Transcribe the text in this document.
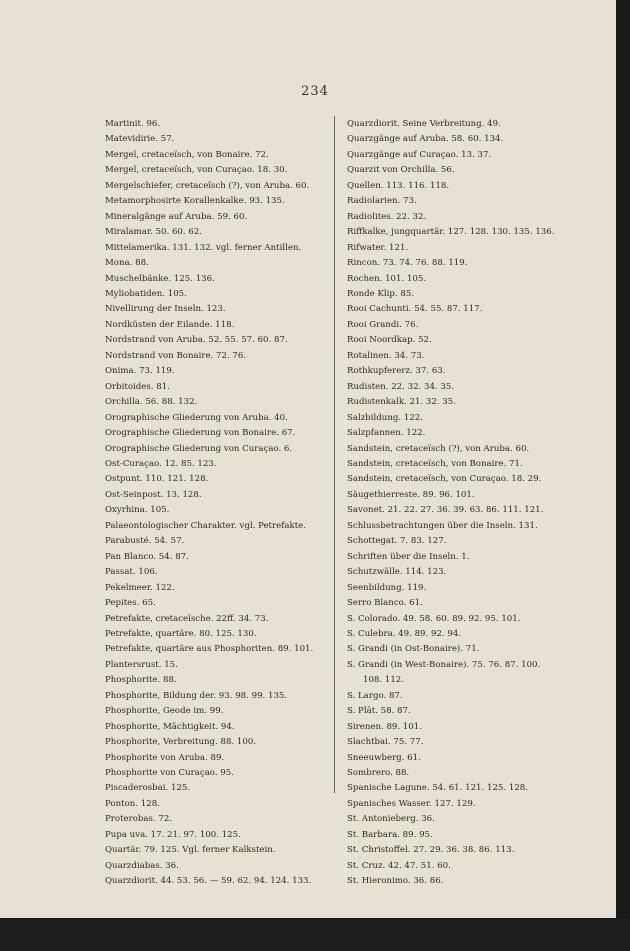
234
Martinit. 96.
Matevidirie. 57.
Mergel, cretaceïsch, von Bonaire. 72.
Mergel, cretaceïsch, von Curaçao. 18. 30.
Mergelschiefer, cretaceïsch (?), von Aruba. 60.
Metamorphosirte Korallenkalke. 93. 135.
Mineralgänge auf Aruba. 59. 60.
Miralamar. 50. 60. 62.
Mittelamerika. 131. 132. vgl. ferner Antillen.
Mona. 88.
Muschelbänke. 125. 136.
Myliobatiden. 105.
Nivellirung der Inseln. 123.
Nordküsten der Eilande. 118.
Nordstrand von Aruba. 52. 55. 57. 60. 87.
Nordstrand von Bonaire. 72. 76.
Onima. 73. 119.
Orbitoides. 81.
Orchilla. 56. 88. 132.
Orographische Gliederung von Aruba. 40.
Orographische Gliederung von Bonaire. 67.
Orographische Gliederung von Curaçao. 6.
Ost-Curaçao. 12. 85. 123.
Ostpunt. 110. 121. 128.
Ost-Seinpost. 13. 128.
Oxyrhina. 105.
Palaeontologischer Charakter. vgl. Petrefakte.
Parabusté. 54. 57.
Pan Blanco. 54. 87.
Passat. 106.
Pekelmeer. 122.
Pepites. 65.
Petrefakte, cretaceïsche. 22ff. 34. 73.
Petrefakte, quartäre. 80. 125. 130.
Petrefakte, quartäre aus Phosphoriten. 89. 101.
Plantersrust. 15.
Phosphorite. 88.
Phosphorite, Bildung der. 93. 98. 99. 135.
Phosphorite, Geode im. 99.
Phosphorite, Mächtigkeit. 94.
Phosphorite, Verbreitung. 88. 100.
Phosphorite von Aruba. 89.
Phosphorite von Curaçao. 95.
Piscaderosbai. 125.
Ponton. 128.
Proterobas. 72.
Pupa uva. 17. 21. 97. 100. 125.
Quartär. 79. 125. Vgl. ferner Kalkstein.
Quarzdiabas. 36.
Quarzdiorit. 44. 53. 56. — 59. 62. 94. 124. 133.
Quarzdiorit. Seine Verbreitung. 49.
Quarzgänge auf Aruba. 58. 60. 134.
Quarzgänge auf Curaçao. 13. 37.
Quarzit von Orchilla. 56.
Quellen. 113. 116. 118.
Radiolarien. 73.
Radiolites. 22. 32.
Riffkalke, jungquartär. 127. 128. 130. 135. 136.
Rifwater. 121.
Rincon. 73. 74. 76. 88. 119.
Rochen. 101. 105.
Ronde Klip. 85.
Rooi Cachunti. 54. 55. 87. 117.
Rooi Grandi. 76.
Rooi Noordkap. 52.
Rotalinen. 34. 73.
Rothkupfererz. 37. 63.
Rudisten. 22. 32. 34. 35.
Rudistenkalk. 21. 32. 35.
Salzbildung. 122.
Salzpfannen. 122.
Sandstein, cretaceïsch (?), von Aruba. 60.
Sandstein, cretaceïsch, von Bonaire. 71.
Sandstein, cretaceïsch, von Curaçao. 18. 29.
Säugethierreste. 89. 96. 101.
Savonet. 21. 22. 27. 36. 39. 63. 86. 111. 121.
Schlussbetrachtungen über die Inseln. 131.
Schottegat. 7. 83. 127.
Schriften über die Inseln. 1.
Schutzwälle. 114. 123.
Seenbildung. 119.
Serro Blanco. 61.
S. Colorado. 49. 58. 60. 89. 92. 95. 101.
S. Culebra. 49. 89. 92. 94.
S. Grandi (in Ost-Bonaire). 71.
S. Grandi (in West-Bonaire). 75. 76. 87. 100.
108. 112.
S. Largo. 87.
S. Plāt. 58. 87.
Sirenen. 89. 101.
Slachtbai. 75. 77.
Sneeuwberg. 61.
Sombrero. 88.
Spanische Lagune. 54. 61. 121. 125. 128.
Spanisches Wasser. 127. 129.
St. Antonieberg. 36.
St. Barbara. 89. 95.
St. Christoffel. 27. 29. 36. 38. 86. 113.
St. Cruz. 42. 47. 51. 60.
St. Hieronimo. 36. 86.
